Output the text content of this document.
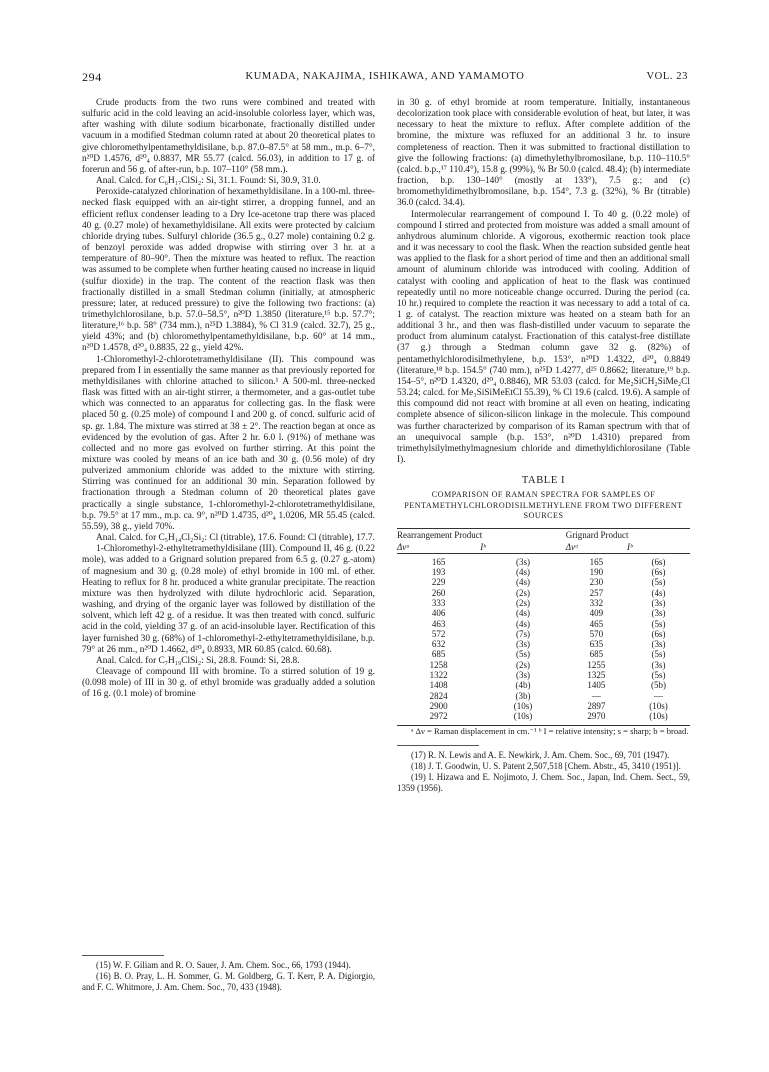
294	KUMADA, NAKAJIMA, ISHIKAWA, AND YAMAMOTO	VOL. 23

Crude products from the two runs were combined and treated with sulfuric acid in the cold leaving an acid-insoluble colorless layer, which was, after washing with dilute sodium bicarbonate, fractionally distilled under vacuum in a modified Stedman column rated at about 20 theoretical plates to give chloromethylpentamethyldisilane, b.p. 87.0–87.5° at 58 mm., m.p. 6–7°, n²⁰D 1.4576, d²⁰₄ 0.8837, MR 55.77 (calcd. 56.03), in addition to 17 g. of forerun and 56 g. of after-run, b.p. 107–110° (58 mm.).

Anal. Calcd. for C₆H₁₇ClSi₂: Si, 31.1. Found: Si, 30.9, 31.0.

Peroxide-catalyzed chlorination of hexamethyldisilane. In a 100-ml. three-necked flask equipped with an air-tight stirrer, a dropping funnel, and an efficient reflux condenser leading to a Dry Ice-acetone trap there was placed 40 g. (0.27 mole) of hexamethyldisilane. All exits were protected by calcium chloride drying tubes. Sulfuryl chloride (36.5 g., 0.27 mole) containing 0.2 g. of benzoyl peroxide was added dropwise with stirring over 3 hr. at a temperature of 80–90°. Then the mixture was heated to reflux. The reaction was assumed to be complete when further heating caused no increase in liquid (sulfur dioxide) in the trap. The content of the reaction flask was then fractionally distilled in a small Stedman column (initially, at atmospheric pressure; later, at reduced pressure) to give the following two fractions: (a) trimethylchlorosilane, b.p. 57.0–58.5°, n²⁰D 1.3850 (literature,¹⁵ b.p. 57.7°; literature,¹⁶ b.p. 58° (734 mm.), n²⁵D 1.3884), % Cl 31.9 (calcd. 32.7), 25 g., yield 43%; and (b) chloromethylpentamethyldisilane, b.p. 60° at 14 mm., n²⁰D 1.4578, d²⁰₄ 0.8835, 22 g., yield 42%.

1-Chloromethyl-2-chlorotetramethyldisilane (II). This compound was prepared from I in essentially the same manner as that previously reported for methyldisilanes with chlorine attached to silicon.¹ A 500-ml. three-necked flask was fitted with an air-tight stirrer, a thermometer, and a gas-outlet tube which was connected to an apparatus for collecting gas. In the flask were placed 50 g. (0.25 mole) of compound I and 200 g. of concd. sulfuric acid of sp. gr. 1.84. The mixture was stirred at 38 ± 2°. The reaction began at once as evidenced by the evolution of gas. After 2 hr. 6.0 l. (91%) of methane was collected and no more gas evolved on further stirring. At this point the mixture was cooled by means of an ice bath and 30 g. (0.56 mole) of dry pulverized ammonium chloride was added to the mixture with stirring. Stirring was continued for an additional 30 min. Separation followed by fractionation through a Stedman column of 20 theoretical plates gave practically a single substance, 1-chloromethyl-2-chlorotetramethyldisilane, b.p. 79.5° at 17 mm., m.p. ca. 9°, n²⁰D 1.4735, d²⁰₄ 1.0206, MR 55.45 (calcd. 55.59), 38 g., yield 70%.

Anal. Calcd. for C₅H₁₄Cl₂Si₂: Cl (titrable), 17.6. Found: Cl (titrable), 17.7.

1-Chloromethyl-2-ethyltetramethyldisilane (III). Compound II, 46 g. (0.22 mole), was added to a Grignard solution prepared from 6.5 g. (0.27 g.-atom) of magnesium and 30 g. (0.28 mole) of ethyl bromide in 100 ml. of ether. Heating to reflux for 8 hr. produced a white granular precipitate. The reaction mixture was then hydrolyzed with dilute hydrochloric acid. Separation, washing, and drying of the organic layer was followed by distillation of the solvent, which left 42 g. of a residue. It was then treated with concd. sulfuric acid in the cold, yielding 37 g. of an acid-insoluble layer. Rectification of this layer furnished 30 g. (68%) of 1-chloromethyl-2-ethyltetramethyldisilane, b.p. 79° at 26 mm., n²⁰D 1.4662, d²⁰₄ 0.8933, MR 60.85 (calcd. 60.68).

Anal. Calcd. for C₇H₁₉ClSi₂: Si, 28.8. Found: Si, 28.8.

Cleavage of compound III with bromine. To a stirred solution of 19 g. (0.098 mole) of III in 30 g. of ethyl bromide was gradually added a solution of 16 g. (0.1 mole) of bromine

(15) W. F. Giliam and R. O. Sauer, J. Am. Chem. Soc., 66, 1793 (1944).

(16) B. O. Pray, L. H. Sommer, G. M. Goldberg, G. T. Kerr, P. A. Digiorgio, and F. C. Whitmore, J. Am. Chem. Soc., 70, 433 (1948).

in 30 g. of ethyl bromide at room temperature. Initially, instantaneous decolorization took place with considerable evolution of heat, but later, it was necessary to heat the mixture to reflux. After complete addition of the bromine, the mixture was refluxed for an additional 3 hr. to insure completeness of reaction. Then it was submitted to fractional distillation to give the following fractions: (a) dimethylethylbromosilane, b.p. 110–110.5° (calcd. b.p.,¹⁷ 110.4°), 15.8 g. (99%), % Br 50.0 (calcd. 48.4); (b) intermediate fraction, b.p. 130–140° (mostly at 133°), 7.5 g.; and (c) bromomethyldimethylbromosilane, b.p. 154°, 7.3 g. (32%), % Br (titrable) 36.0 (calcd. 34.4).

Intermolecular rearrangement of compound I. To 40 g. (0.22 mole) of compound I stirred and protected from moisture was added a small amount of anhydrous aluminum chloride. A vigorous, exothermic reaction took place and it was necessary to cool the flask. When the reaction subsided gentle heat was applied to the flask for a short period of time and then an additional small amount of aluminum chloride was introduced with cooling. Addition of catalyst with cooling and application of heat to the flask was continued repeatedly until no more noticeable change occurred. During the period (ca. 10 hr.) required to complete the reaction it was necessary to add a total of ca. 1 g. of catalyst. The reaction mixture was heated on a steam bath for an additional 3 hr., and then was flash-distilled under vacuum to separate the product from aluminum catalyst. Fractionation of this catalyst-free distillate (37 g.) through a Stedman column gave 32 g. (82%) of pentamethylchlorodisilmethylene, b.p. 153°, n²⁰D 1.4322, d²⁰₄ 0.8849 (literature,¹⁸ b.p. 154.5° (740 mm.), n²⁵D 1.4277, d²⁵ 0.8662; literature,¹⁹ b.p. 154–5°, n²⁰D 1.4320, d²⁰₄ 0.8846), MR 53.03 (calcd. for Me₂SiCH₂SiMe₂Cl 53.24; calcd. for Me₃SiSiMeEtCl 55.39), % Cl 19.6 (calcd. 19.6). A sample of this compound did not react with bromine at all even on heating, indicating complete absence of silicon-silicon linkage in the molecule. This compound was further characterized by comparison of its Raman spectrum with that of an unequivocal sample (b.p. 153°, n²⁰D 1.4310) prepared from trimethylsilylmethylmagnesium chloride and dimethyldichlorosilane (Table I).

TABLE I
COMPARISON OF RAMAN SPECTRA FOR SAMPLES OF PENTAMETHYLCHLORODISILMETHYLENE FROM TWO DIFFERENT SOURCES
Rearrangement Product		Grignard Product	
Δνᵃ	Iᵇ	Δνᵃ	Iᵇ
165	(3s)	165	(6s)
193	(4s)	190	(6s)
229	(4s)	230	(5s)
260	(2s)	257	(4s)
333	(2s)	332	(3s)
406	(4s)	409	(3s)
463	(4s)	465	(5s)
572	(7s)	570	(6s)
632	(3s)	635	(3s)
685	(5s)	685	(5s)
1258	(2s)	1255	(3s)
1322	(3s)	1325	(5s)
1408	(4b)	1405	(5b)
2824	(3b)	—	—
2900	(10s)	2897	(10s)
2972	(10s)	2970	(10s)

ᵃ Δν = Raman displacement in cm.⁻¹ ᵇ I = relative intensity; s = sharp; b = broad.

(17) R. N. Lewis and A. E. Newkirk, J. Am. Chem. Soc., 69, 701 (1947).

(18) J. T. Goodwin, U. S. Patent 2,507,518 [Chem. Abstr., 45, 3410 (1951)].

(19) I. Hizawa and E. Nojimoto, J. Chem. Soc., Japan, Ind. Chem. Sect., 59, 1359 (1956).
